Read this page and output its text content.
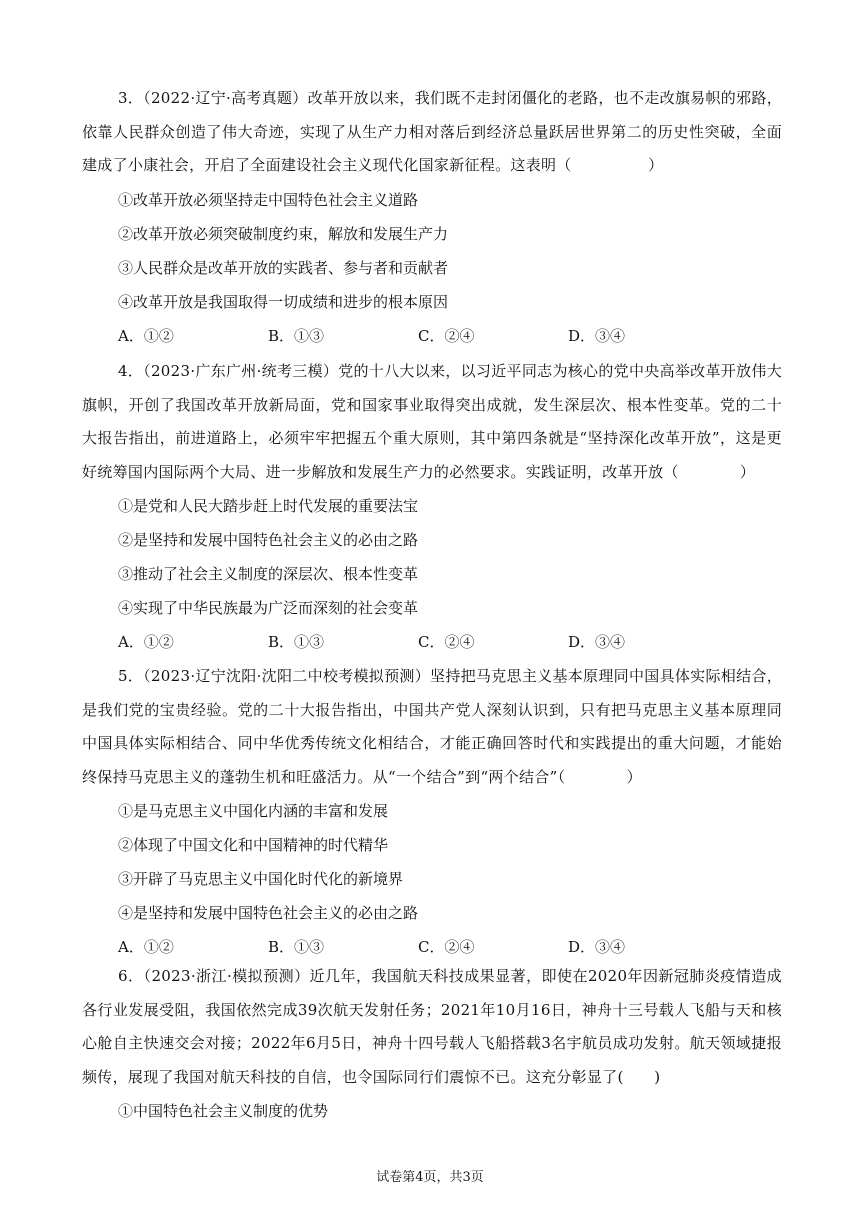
3．（2022·辽宁·高考真题）改革开放以来，我们既不走封闭僵化的老路，也不走改旗易帜的邪路，依靠人民群众创造了伟大奇迹，实现了从生产力相对落后到经济总量跃居世界第二的历史性突破，全面建成了小康社会，开启了全面建设社会主义现代化国家新征程。这表明（　　　　　）

①改革开放必须坚持走中国特色社会主义道路
②改革开放必须突破制度约束，解放和发展生产力
③人民群众是改革开放的实践者、参与者和贡献者
④改革开放是我国取得一切成绩和进步的根本原因
A．①②	B．①③	C．②④	D．③④

4．（2023·广东广州·统考三模）党的十八大以来，以习近平同志为核心的党中央高举改革开放伟大旗帜，开创了我国改革开放新局面，党和国家事业取得突出成就，发生深层次、根本性变革。党的二十大报告指出，前进道路上，必须牢牢把握五个重大原则，其中第四条就是“坚持深化改革开放”，这是更好统筹国内国际两个大局、进一步解放和发展生产力的必然要求。实践证明，改革开放（　　　　）

①是党和人民大踏步赶上时代发展的重要法宝
②是坚持和发展中国特色社会主义的必由之路
③推动了社会主义制度的深层次、根本性变革
④实现了中华民族最为广泛而深刻的社会变革
A．①②	B．①③	C．②④	D．③④

5．（2023·辽宁沈阳·沈阳二中校考模拟预测）坚持把马克思主义基本原理同中国具体实际相结合，是我们党的宝贵经验。党的二十大报告指出，中国共产党人深刻认识到，只有把马克思主义基本原理同中国具体实际相结合、同中华优秀传统文化相结合，才能正确回答时代和实践提出的重大问题，才能始终保持马克思主义的蓬勃生机和旺盛活力。从“一个结合”到“两个结合”（　　　　）

①是马克思主义中国化内涵的丰富和发展
②体现了中国文化和中国精神的时代精华
③开辟了马克思主义中国化时代化的新境界
④是坚持和发展中国特色社会主义的必由之路
A．①②	B．①③	C．②④	D．③④

6．（2023·浙江·模拟预测）近几年，我国航天科技成果显著，即使在2020年因新冠肺炎疫情造成各行业发展受阻，我国依然完成39次航天发射任务；2021年10月16日，神舟十三号载人飞船与天和核心舱自主快速交会对接；2022年6月5日，神舟十四号载人飞船搭载3名宇航员成功发射。航天领域捷报频传，展现了我国对航天科技的自信，也令国际同行们震惊不已。这充分彰显了(　　)

①中国特色社会主义制度的优势
试卷第4页，共3页
